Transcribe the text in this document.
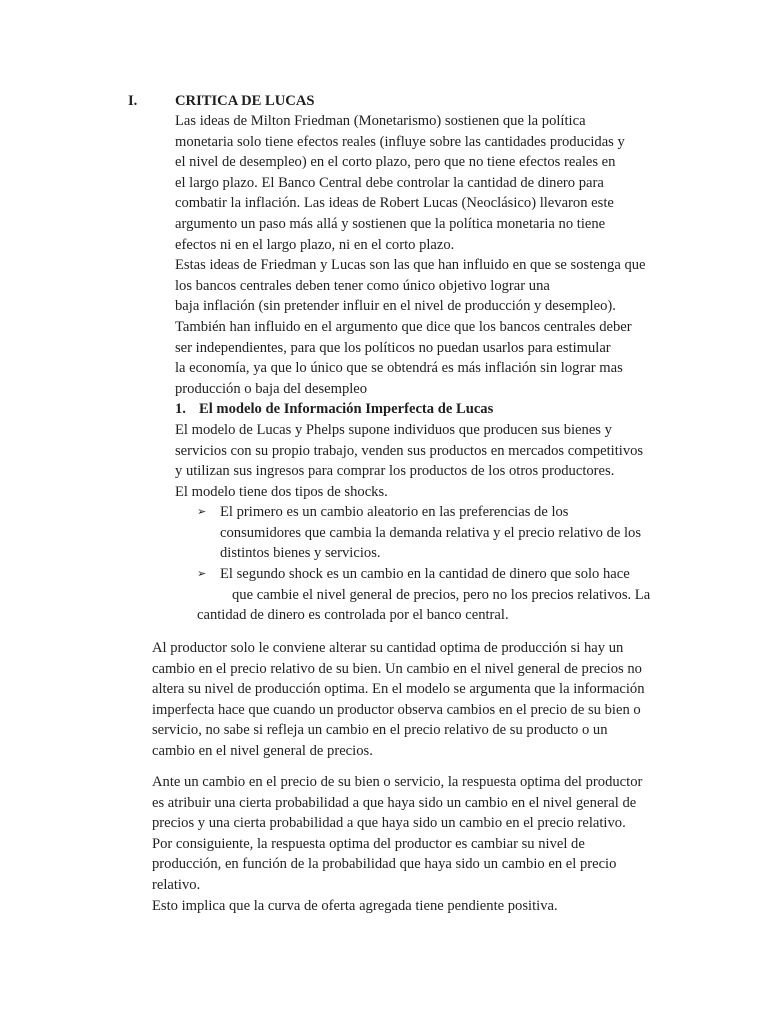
I.	CRITICA DE LUCAS
Las ideas de Milton Friedman (Monetarismo) sostienen que la política
monetaria solo tiene efectos reales (influye sobre las cantidades producidas y
el nivel de desempleo) en el corto plazo, pero que no tiene efectos reales en
el largo plazo. El Banco Central debe controlar la cantidad de dinero para
combatir la inflación. Las ideas de Robert Lucas (Neoclásico) llevaron este
argumento un paso más allá y sostienen que la política monetaria no tiene
efectos ni en el largo plazo, ni en el corto plazo.
Estas ideas de Friedman y Lucas son las que han influido en que se sostenga que
los bancos centrales deben tener como único objetivo lograr una
baja inflación (sin pretender influir en el nivel de producción y desempleo).
También han influido en el argumento que dice que los bancos centrales deber
ser independientes, para que los políticos no puedan usarlos para estimular
la economía, ya que lo único que se obtendrá es más inflación sin lograr mas
producción o baja del desempleo
1. El modelo de Información Imperfecta de Lucas
El modelo de Lucas y Phelps supone individuos que producen sus bienes y
servicios con su propio trabajo, venden sus productos en mercados competitivos
y utilizan sus ingresos para comprar los productos de los otros productores.
El modelo tiene dos tipos de shocks.
➢ El primero es un cambio aleatorio en las preferencias de los
consumidores que cambia la demanda relativa y el precio relativo de los
distintos bienes y servicios.
➢ El segundo shock es un cambio en la cantidad de dinero que solo hace
que cambie el nivel general de precios, pero no los precios relativos. La
cantidad de dinero es controlada por el banco central.
Al productor solo le conviene alterar su cantidad optima de producción si hay un
cambio en el precio relativo de su bien. Un cambio en el nivel general de precios no
altera su nivel de producción optima. En el modelo se argumenta que la información
imperfecta hace que cuando un productor observa cambios en el precio de su bien o
servicio, no sabe si refleja un cambio en el precio relativo de su producto o un
cambio en el nivel general de precios.
Ante un cambio en el precio de su bien o servicio, la respuesta optima del productor
es atribuir una cierta probabilidad a que haya sido un cambio en el nivel general de
precios y una cierta probabilidad a que haya sido un cambio en el precio relativo.
Por consiguiente, la respuesta optima del productor es cambiar su nivel de
producción, en función de la probabilidad que haya sido un cambio en el precio
relativo.
Esto implica que la curva de oferta agregada tiene pendiente positiva.
